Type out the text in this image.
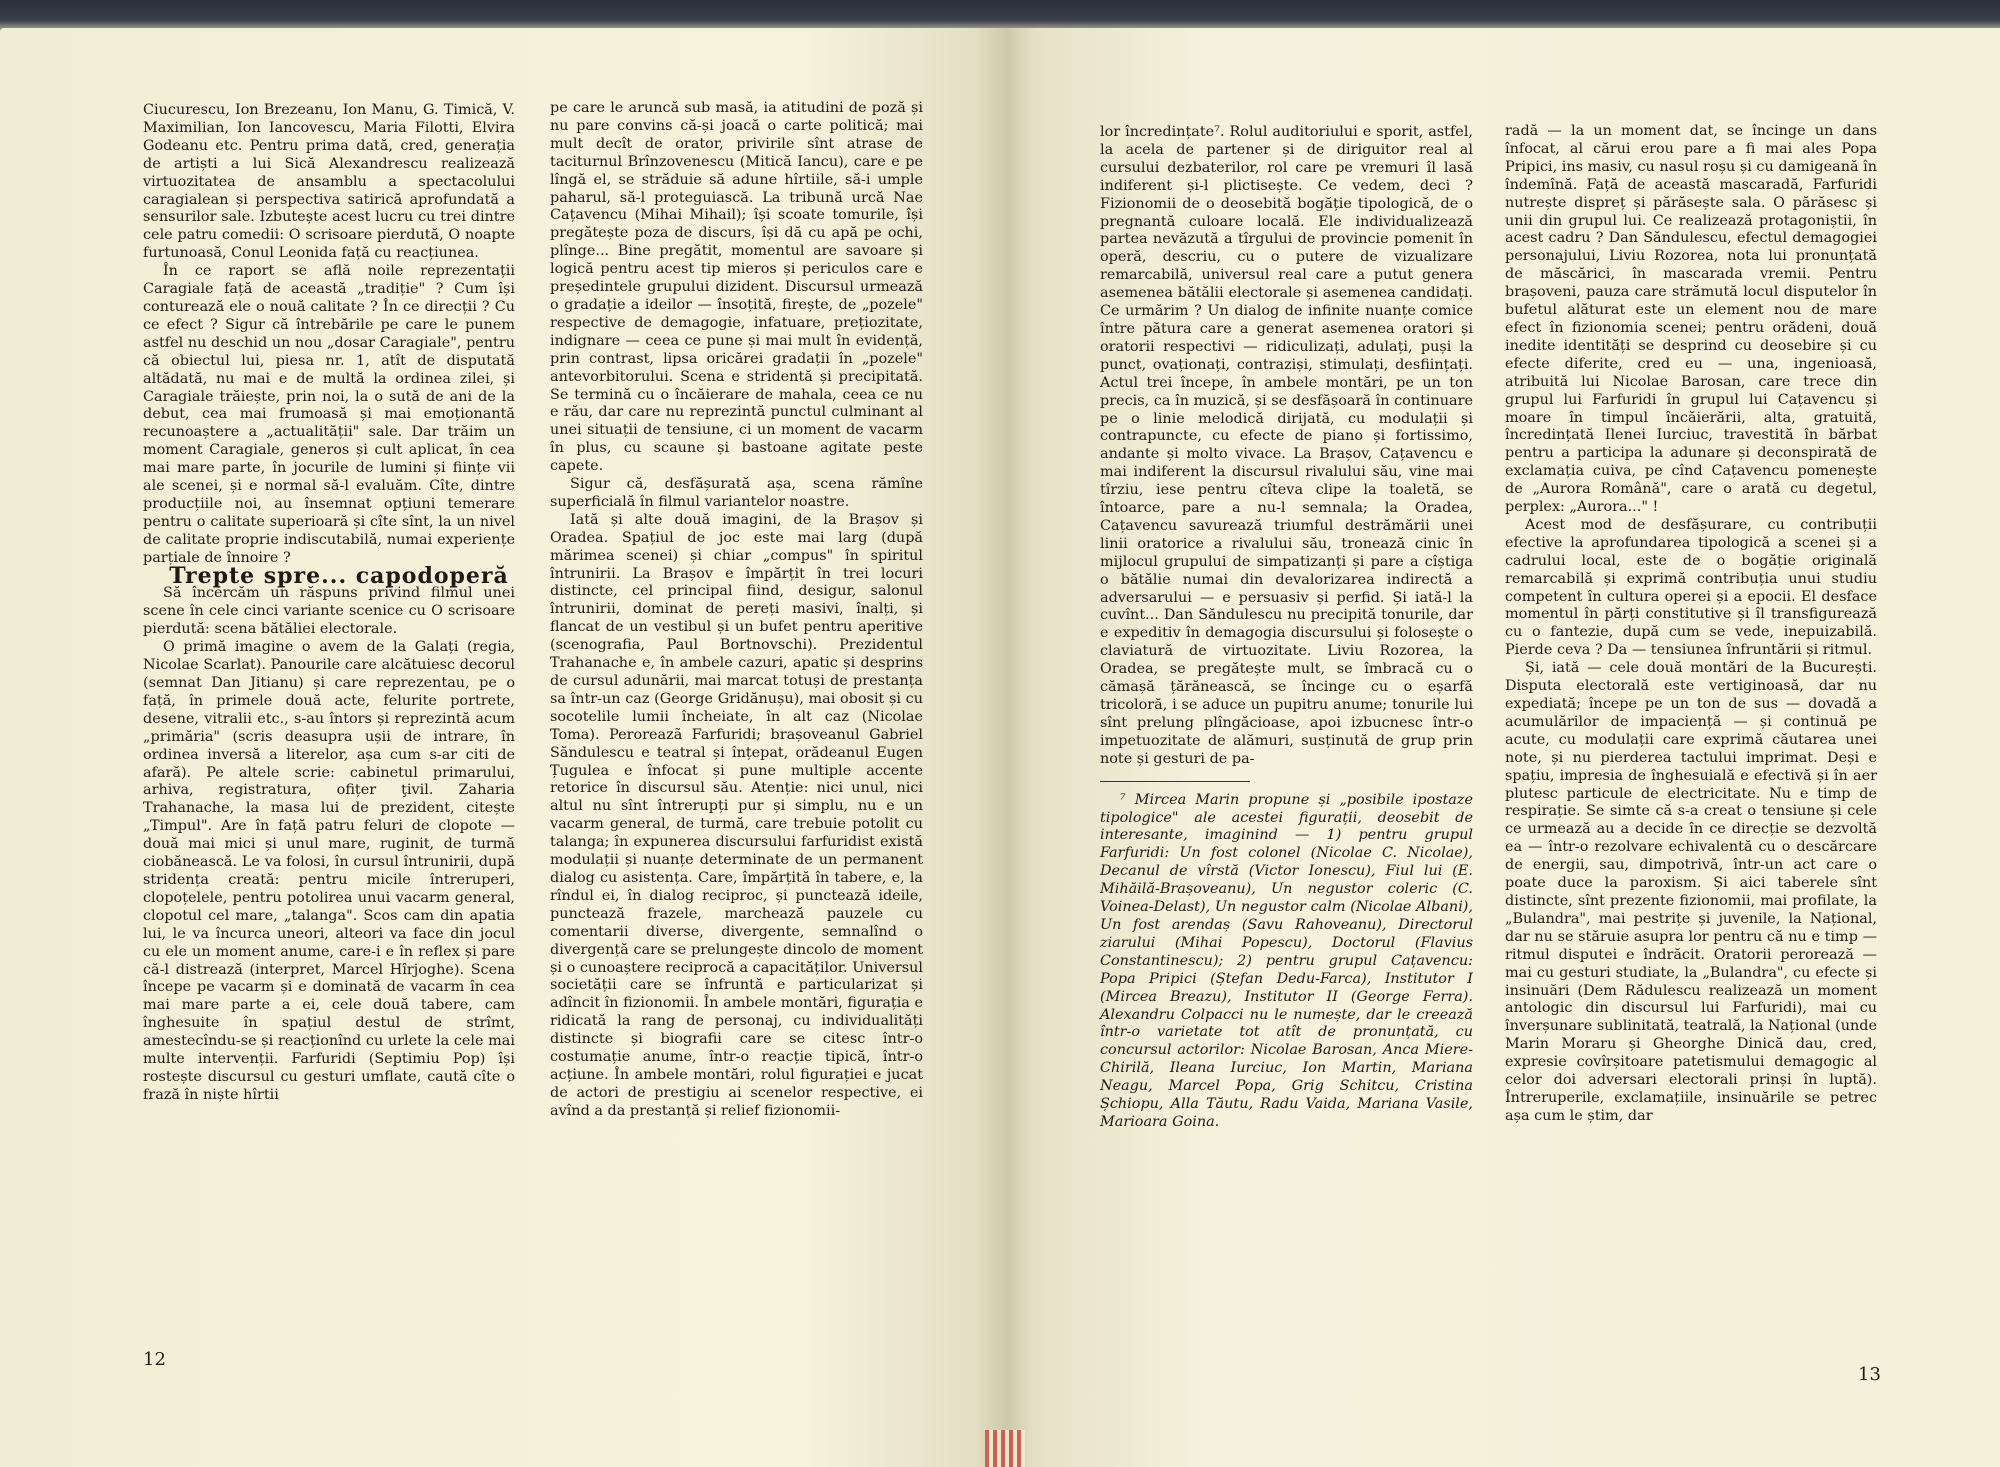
Ciucurescu, Ion Brezeanu, Ion Manu, G. Timică, V. Maximilian, Ion Iancovescu, Maria Filotti, Elvira Godeanu etc. Pentru prima dată, cred, generația de artiști a lui Sică Alexandrescu realizează virtuozitatea de ansamblu a spectacolului caragialean și perspectiva satirică aprofundată a sensurilor sale. Izbutește acest lucru cu trei dintre cele patru comedii: O scrisoare pierdută, O noapte furtunoasă, Conul Leonida față cu reacțiunea.

În ce raport se află noile reprezentații Caragiale față de această „tradiție" ? Cum își conturează ele o nouă calitate ? În ce direcții ? Cu ce efect ? Sigur că întrebările pe care le punem astfel nu deschid un nou „dosar Caragiale", pentru că obiectul lui, piesa nr. 1, atît de disputată altădată, nu mai e de multă la ordinea zilei, și Caragiale trăiește, prin noi, la o sută de ani de la debut, cea mai frumoasă și mai emoționantă recunoaștere a „actualității" sale. Dar trăim un moment Caragiale, generos și cult aplicat, în cea mai mare parte, în jocurile de lumini și ființe vii ale scenei, și e normal să-l evaluăm. Cîte, dintre producțiile noi, au însemnat opțiuni temerare pentru o calitate superioară și cîte sînt, la un nivel de calitate proprie indiscutabilă, numai experiențe parțiale de înnoire ?

Trepte spre... capodoperă

Să încercăm un răspuns privind filmul unei scene în cele cinci variante scenice cu O scrisoare pierdută: scena bătăliei electorale.

O primă imagine o avem de la Galați (regia, Nicolae Scarlat). Panourile care alcătuiesc decorul (semnat Dan Jitianu) și care reprezentau, pe o față, în primele două acte, felurite portrete, desene, vitralii etc., s-au întors și reprezintă acum „primăria" (scris deasupra ușii de intrare, în ordinea inversă a literelor, așa cum s-ar citi de afară). Pe altele scrie: cabinetul primarului, arhiva, registratura, ofițer ţivil. Zaharia Trahanache, la masa lui de prezident, citește „Timpul". Are în față patru feluri de clopote — două mai mici și unul mare, ruginit, de turmă ciobănească. Le va folosi, în cursul întrunirii, după stridența creată: pentru micile întreruperi, clopoțelele, pentru potolirea unui vacarm general, clopotul cel mare, „talanga". Scos cam din apatia lui, le va încurca uneori, alteori va face din jocul cu ele un moment anume, care-i e în reflex și pare că-l distrează (interpret, Marcel Hîrjoghe). Scena începe pe vacarm și e dominată de vacarm în cea mai mare parte a ei, cele două tabere, cam înghesuite în spațiul destul de strîmt, amestecîndu-se și reacționînd cu urlete la cele mai multe intervenții. Farfuridi (Septimiu Pop) își rostește discursul cu gesturi umflate, caută cîte o frază în niște hîrtii

pe care le aruncă sub masă, ia atitudini de poză și nu pare convins că-și joacă o carte politică; mai mult decît de orator, privirile sînt atrase de taciturnul Brînzovenescu (Mitică Iancu), care e pe lîngă el, se străduie să adune hîrtiile, să-i umple paharul, să-l proteguiască. La tribună urcă Nae Cațavencu (Mihai Mihail); își scoate tomurile, își pregătește poza de discurs, își dă cu apă pe ochi, plînge... Bine pregătit, momentul are savoare și logică pentru acest tip mieros și periculos care e președintele grupului dizident. Discursul urmează o gradație a ideilor — însoțită, firește, de „pozele" respective de demagogie, infatuare, prețiozitate, indignare — ceea ce pune și mai mult în evidență, prin contrast, lipsa oricărei gradații în „pozele" antevorbitorului. Scena e stridentă și precipitată. Se termină cu o încăierare de mahala, ceea ce nu e rău, dar care nu reprezintă punctul culminant al unei situații de tensiune, ci un moment de vacarm în plus, cu scaune și bastoane agitate peste capete.

Sigur că, desfășurată așa, scena rămîne superficială în filmul variantelor noastre.

Iată și alte două imagini, de la Brașov și Oradea. Spațiul de joc este mai larg (după mărimea scenei) și chiar „compus" în spiritul întrunirii. La Brașov e împărțit în trei locuri distincte, cel principal fiind, desigur, salonul întrunirii, dominat de pereți masivi, înalți, și flancat de un vestibul și un bufet pentru aperitive (scenografia, Paul Bortnovschi). Prezidentul Trahanache e, în ambele cazuri, apatic și desprins de cursul adunării, mai marcat totuși de prestanța sa într-un caz (George Gridănușu), mai obosit și cu socotelile lumii încheiate, în alt caz (Nicolae Toma). Peroreazã Farfuridi; brașoveanul Gabriel Săndulescu e teatral și înțepat, orădeanul Eugen Țugulea e înfocat și pune multiple accente retorice în discursul său. Atenție: nici unul, nici altul nu sînt întrerupți pur și simplu, nu e un vacarm general, de turmă, care trebuie potolit cu talanga; în expunerea discursului farfuridist există modulații și nuanțe determinate de un permanent dialog cu asistența. Care, împărțită în tabere, e, la rîndul ei, în dialog reciproc, și punctează ideile, punctează frazele, marchează pauzele cu comentarii diverse, divergente, semnalînd o divergență care se prelungește dincolo de moment și o cunoaștere reciprocă a capacităților. Universul societății care se înfruntă e particularizat și adîncit în fizionomii. În ambele montări, figurația e ridicată la rang de personaj, cu individualități distincte și biografii care se citesc într-o costumație anume, într-o reacție tipică, într-o acțiune. În ambele montări, rolul figurației e jucat de actori de prestigiu ai scenelor respective, ei avînd a da prestanță și relief fizionomii-

12

lor încredințate⁷. Rolul auditoriului e sporit, astfel, la acela de partener și de diriguitor real al cursului dezbaterilor, rol care pe vremuri îl lasă indiferent și-l plictisește. Ce vedem, deci ? Fizionomii de o deosebită bogăție tipologică, de o pregnantă culoare locală. Ele individualizează partea nevăzută a tîrgului de provincie pomenit în operă, descriu, cu o putere de vizualizare remarcabilă, universul real care a putut genera asemenea bătălii electorale și asemenea candidați. Ce urmărim ? Un dialog de infinite nuanțe comice între pătura care a generat asemenea oratori și oratorii respectivi — ridiculizați, adulați, puși la punct, ovaționați, contraziși, stimulați, desființați. Actul trei începe, în ambele montări, pe un ton precis, ca în muzică, și se desfășoară în continuare pe o linie melodică dirijată, cu modulații și contrapuncte, cu efecte de piano și fortissimo, andante și molto vivace. La Brașov, Cațavencu e mai indiferent la discursul rivalului său, vine mai tîrziu, iese pentru cîteva clipe la toaletă, se întoarce, pare a nu-l semnala; la Oradea, Cațavencu savurează triumful destrămării unei linii oratorice a rivalului său, tronează cinic în mijlocul grupului de simpatizanți și pare a cîștiga o bătălie numai din devalorizarea indirectă a adversarului — e persuasiv și perfid. Și iată-l la cuvînt... Dan Săndulescu nu precipită tonurile, dar e expeditiv în demagogia discursului și folosește o claviatură de virtuozitate. Liviu Rozorea, la Oradea, se pregătește mult, se îmbracă cu o cămașă țărănească, se încinge cu o eșarfă tricoloră, i se aduce un pupitru anume; tonurile lui sînt prelung plîngăcioase, apoi izbucnesc într-o impetuozitate de alămuri, susținută de grup prin note și gesturi de pa-

⁷ Mircea Marin propune și „posibile ipostaze tipologice" ale acestei figurații, deosebit de interesante, imaginind — 1) pentru grupul Farfuridi: Un fost colonel (Nicolae C. Nicolae), Decanul de vîrstă (Victor Ionescu), Fiul lui (E. Mihăilă-Brașoveanu), Un negustor coleric (C. Voinea-Delast), Un negustor calm (Nicolae Albani), Un fost arendaș (Savu Rahoveanu), Directorul ziarului (Mihai Popescu), Doctorul (Flavius Constantinescu); 2) pentru grupul Cațavencu: Popa Pripici (Ștefan Dedu-Farca), Institutor I (Mircea Breazu), Institutor II (George Ferra). Alexandru Colpacci nu le numește, dar le creează într-o varietate tot atît de pronunțată, cu concursul actorilor: Nicolae Barosan, Anca Miere-Chirilă, Ileana Iurciuc, Ion Martin, Mariana Neagu, Marcel Popa, Grig Schitcu, Cristina Șchiopu, Alla Tăutu, Radu Vaida, Mariana Vasile, Marioara Goina.

radă — la un moment dat, se încinge un dans înfocat, al cărui erou pare a fi mai ales Popa Pripici, ins masiv, cu nasul roșu și cu damigeană în îndemînă. Față de această mascaradă, Farfuridi nutrește dispreț și părăsește sala. O părăsesc și unii din grupul lui. Ce realizează protagoniștii, în acest cadru ? Dan Săndulescu, efectul demagogiei personajului, Liviu Rozorea, nota lui pronunțată de măscărici, în mascarada vremii. Pentru brașoveni, pauza care strămută locul disputelor în bufetul alăturat este un element nou de mare efect în fizionomia scenei; pentru orădeni, două inedite identități se desprind cu deosebire și cu efecte diferite, cred eu — una, ingenioasă, atribuită lui Nicolae Barosan, care trece din grupul lui Farfuridi în grupul lui Cațavencu și moare în timpul încăierării, alta, gratuită, încredințată Ilenei Iurciuc, travestită în bărbat pentru a participa la adunare și deconspirată de exclamația cuiva, pe cînd Cațavencu pomenește de „Aurora Română", care o arată cu degetul, perplex: „Aurora..." !

Acest mod de desfășurare, cu contribuții efective la aprofundarea tipologică a scenei și a cadrului local, este de o bogăție originală remarcabilă și exprimă contribuția unui studiu competent în cultura operei și a epocii. El desface momentul în părți constitutive și îl transfigurează cu o fantezie, după cum se vede, inepuizabilă. Pierde ceva ? Da — tensiunea înfruntării și ritmul.

Și, iată — cele două montări de la București. Disputa electorală este vertiginoasă, dar nu expediată; începe pe un ton de sus — dovadă a acumulărilor de impaciență — și continuă pe acute, cu modulații care exprimă căutarea unei note, și nu pierderea tactului imprimat. Deși e spațiu, impresia de înghesuială e efectivă și în aer plutesc particule de electricitate. Nu e timp de respirație. Se simte că s-a creat o tensiune și cele ce urmează au a decide în ce direcție se dezvoltă ea — într-o rezolvare echivalentă cu o descărcare de energii, sau, dimpotrivă, într-un act care o poate duce la paroxism. Și aici taberele sînt distincte, sînt prezente fizionomii, mai profilate, la „Bulandra", mai pestrițe și juvenile, la Național, dar nu se stăruie asupra lor pentru că nu e timp — ritmul disputei e îndrăcit. Oratorii perorează — mai cu gesturi studiate, la „Bulandra", cu efecte și insinuări (Dem Rădulescu realizează un moment antologic din discursul lui Farfuridi), mai cu înverșunare sublinitată, teatrală, la Național (unde Marin Moraru și Gheorghe Dinică dau, cred, expresie covîrșitoare patetismului demagogic al celor doi adversari electorali prinși în luptă). Întreruperile, exclamațiile, insinuările se petrec așa cum le știm, dar

13
